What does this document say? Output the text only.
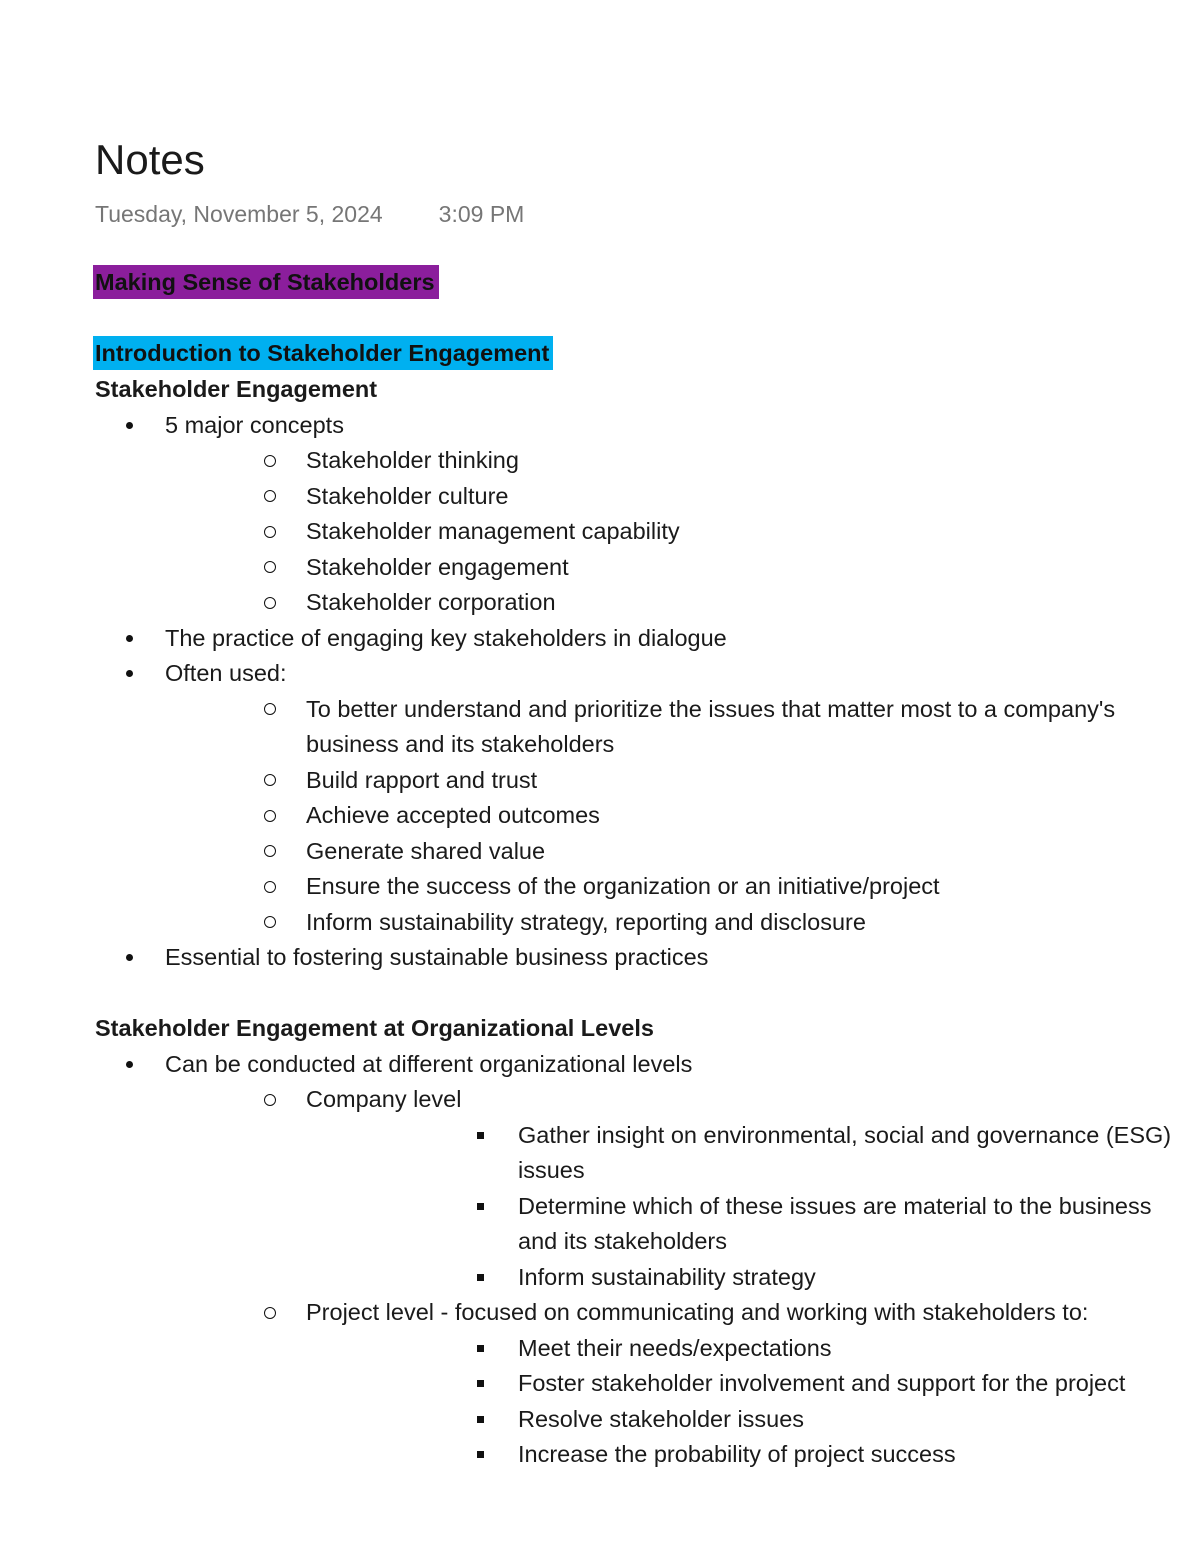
Notes
Tuesday, November 5, 2024 3:09 PM
Making Sense of Stakeholders
Introduction to Stakeholder Engagement
Stakeholder Engagement
5 major concepts
Stakeholder thinking
Stakeholder culture
Stakeholder management capability
Stakeholder engagement
Stakeholder corporation
The practice of engaging key stakeholders in dialogue
Often used:
To better understand and prioritize the issues that matter most to a company's business and its stakeholders
Build rapport and trust
Achieve accepted outcomes
Generate shared value
Ensure the success of the organization or an initiative/project
Inform sustainability strategy, reporting and disclosure
Essential to fostering sustainable business practices
Stakeholder Engagement at Organizational Levels
Can be conducted at different organizational levels
Company level
Gather insight on environmental, social and governance (ESG) issues
Determine which of these issues are material to the business and its stakeholders
Inform sustainability strategy
Project level - focused on communicating and working with stakeholders to:
Meet their needs/expectations
Foster stakeholder involvement and support for the project
Resolve stakeholder issues
Increase the probability of project success
